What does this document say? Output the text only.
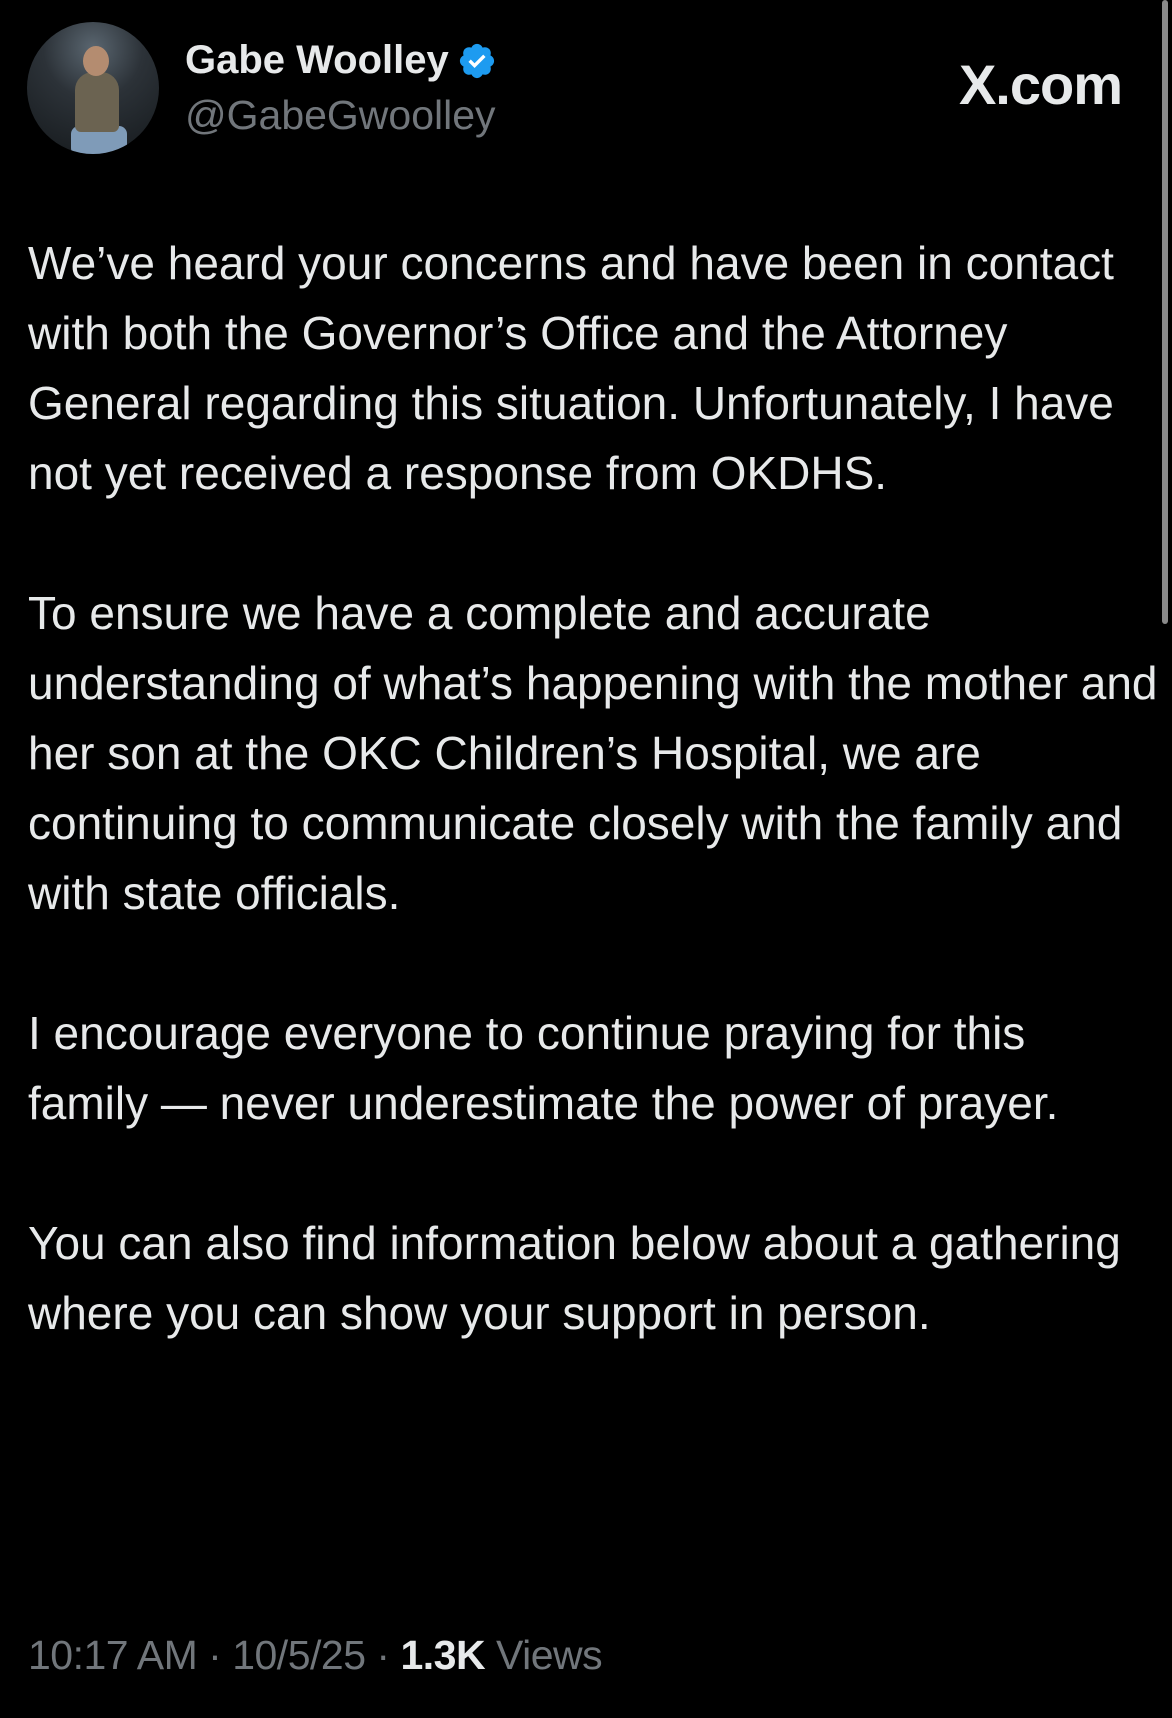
Gabe Woolley
@GabeGwoolley	X.com

We’ve heard your concerns and have been in contact with both the Governor’s Office and the Attorney General regarding this situation. Unfortunately, I have not yet received a response from OKDHS.

To ensure we have a complete and accurate understanding of what’s happening with the mother and her son at the OKC Children’s Hospital, we are continuing to communicate closely with the family and with state officials.

I encourage everyone to continue praying for this family — never underestimate the power of prayer.

You can also find information below about a gathering where you can show your support in person.

10:17 AM · 10/5/25 · 1.3K Views
